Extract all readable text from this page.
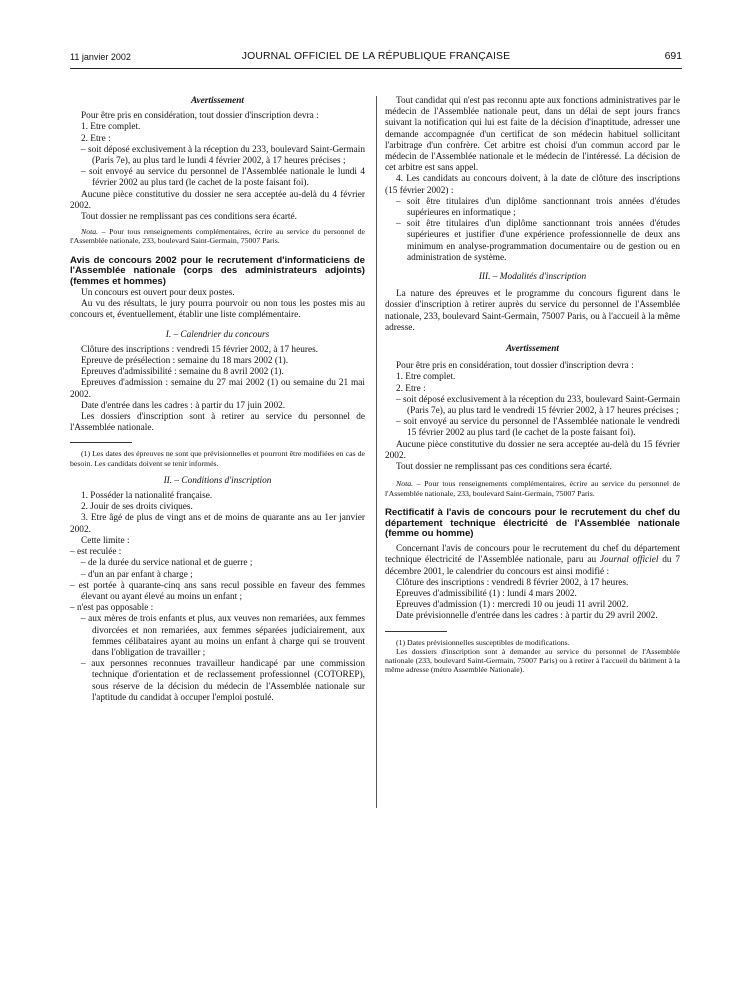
11 janvier 2002	JOURNAL OFFICIEL DE LA RÉPUBLIQUE FRANÇAISE	691

Avertissement

Pour être pris en considération, tout dossier d'inscription devra :

1. Etre complet.

2. Etre :

– soit déposé exclusivement à la réception du 233, boulevard Saint-Germain (Paris 7e), au plus tard le lundi 4 février 2002, à 17 heures précises ;

– soit envoyé au service du personnel de l'Assemblée nationale le lundi 4 février 2002 au plus tard (le cachet de la poste faisant foi).

Aucune pièce constitutive du dossier ne sera acceptée au-delà du 4 février 2002.

Tout dossier ne remplissant pas ces conditions sera écarté.

Nota. – Pour tous renseignements complémentaires, écrire au service du personnel de l'Assemblée nationale, 233, boulevard Saint-Germain, 75007 Paris.

Avis de concours 2002 pour le recrutement d'informaticiens de l'Assemblée nationale (corps des administrateurs adjoints) (femmes et hommes)

Un concours est ouvert pour deux postes.

Au vu des résultats, le jury pourra pourvoir ou non tous les postes mis au concours et, éventuellement, établir une liste complémentaire.

I. – Calendrier du concours

Clôture des inscriptions : vendredi 15 février 2002, à 17 heures.

Epreuve de présélection : semaine du 18 mars 2002 (1).

Epreuves d'admissibilité : semaine du 8 avril 2002 (1).

Epreuves d'admission : semaine du 27 mai 2002 (1) ou semaine du 21 mai 2002.

Date d'entrée dans les cadres : à partir du 17 juin 2002.

Les dossiers d'inscription sont à retirer au service du personnel de l'Assemblée nationale.

(1) Les dates des épreuves ne sont que prévisionnelles et pourront être modifiées en cas de besoin. Les candidats doivent se tenir informés.

II. – Conditions d'inscription

1. Posséder la nationalité française.

2. Jouir de ses droits civiques.

3. Etre âgé de plus de vingt ans et de moins de quarante ans au 1er janvier 2002.

Cette limite :

– est reculée :

– de la durée du service national et de guerre ;

– d'un an par enfant à charge ;

– est portée à quarante-cinq ans sans recul possible en faveur des femmes élevant ou ayant élevé au moins un enfant ;

– n'est pas opposable :

– aux mères de trois enfants et plus, aux veuves non remariées, aux femmes divorcées et non remariées, aux femmes séparées judiciairement, aux femmes célibataires ayant au moins un enfant à charge qui se trouvent dans l'obligation de travailler ;

– aux personnes reconnues travailleur handicapé par une commission technique d'orientation et de reclassement professionnel (COTOREP), sous réserve de la décision du médecin de l'Assemblée nationale sur l'aptitude du candidat à occuper l'emploi postulé.

Tout candidat qui n'est pas reconnu apte aux fonctions administratives par le médecin de l'Assemblée nationale peut, dans un délai de sept jours francs suivant la notification qui lui est faite de la décision d'inaptitude, adresser une demande accompagnée d'un certificat de son médecin habituel sollicitant l'arbitrage d'un confrère. Cet arbitre est choisi d'un commun accord par le médecin de l'Assemblée nationale et le médecin de l'intéressé. La décision de cet arbitre est sans appel.

4. Les candidats au concours doivent, à la date de clôture des inscriptions (15 février 2002) :

– soit être titulaires d'un diplôme sanctionnant trois années d'études supérieures en informatique ;

– soit être titulaires d'un diplôme sanctionnant trois années d'études supérieures et justifier d'une expérience professionnelle de deux ans minimum en analyse-programmation documentaire ou de gestion ou en administration de système.

III. – Modalités d'inscription

La nature des épreuves et le programme du concours figurent dans le dossier d'inscription à retirer auprès du service du personnel de l'Assemblée nationale, 233, boulevard Saint-Germain, 75007 Paris, ou à l'accueil à la même adresse.

Avertissement

Pour être pris en considération, tout dossier d'inscription devra :

1. Etre complet.

2. Etre :

– soit déposé exclusivement à la réception du 233, boulevard Saint-Germain (Paris 7e), au plus tard le vendredi 15 février 2002, à 17 heures précises ;

– soit envoyé au service du personnel de l'Assemblée nationale le vendredi 15 février 2002 au plus tard (le cachet de la poste faisant foi).

Aucune pièce constitutive du dossier ne sera acceptée au-delà du 15 février 2002.

Tout dossier ne remplissant pas ces conditions sera écarté.

Nota. – Pour tous renseignements complémentaires, écrire au service du personnel de l'Assemblée nationale, 233, boulevard Saint-Germain, 75007 Paris.

Rectificatif à l'avis de concours pour le recrutement du chef du département technique électricité de l'Assemblée nationale (femme ou homme)

Concernant l'avis de concours pour le recrutement du chef du département technique électricité de l'Assemblée nationale, paru au Journal officiel du 7 décembre 2001, le calendrier du concours est ainsi modifié :

Clôture des inscriptions : vendredi 8 février 2002, à 17 heures.

Epreuves d'admissibilité (1) : lundi 4 mars 2002.

Epreuves d'admission (1) : mercredi 10 ou jeudi 11 avril 2002.

Date prévisionnelle d'entrée dans les cadres : à partir du 29 avril 2002.

(1) Dates prévisionnelles susceptibles de modifications.

Les dossiers d'inscription sont à demander au service du personnel de l'Assemblée nationale (233, boulevard Saint-Germain, 75007 Paris) ou à retirer à l'accueil du bâtiment à la même adresse (métro Assemblée Nationale).
